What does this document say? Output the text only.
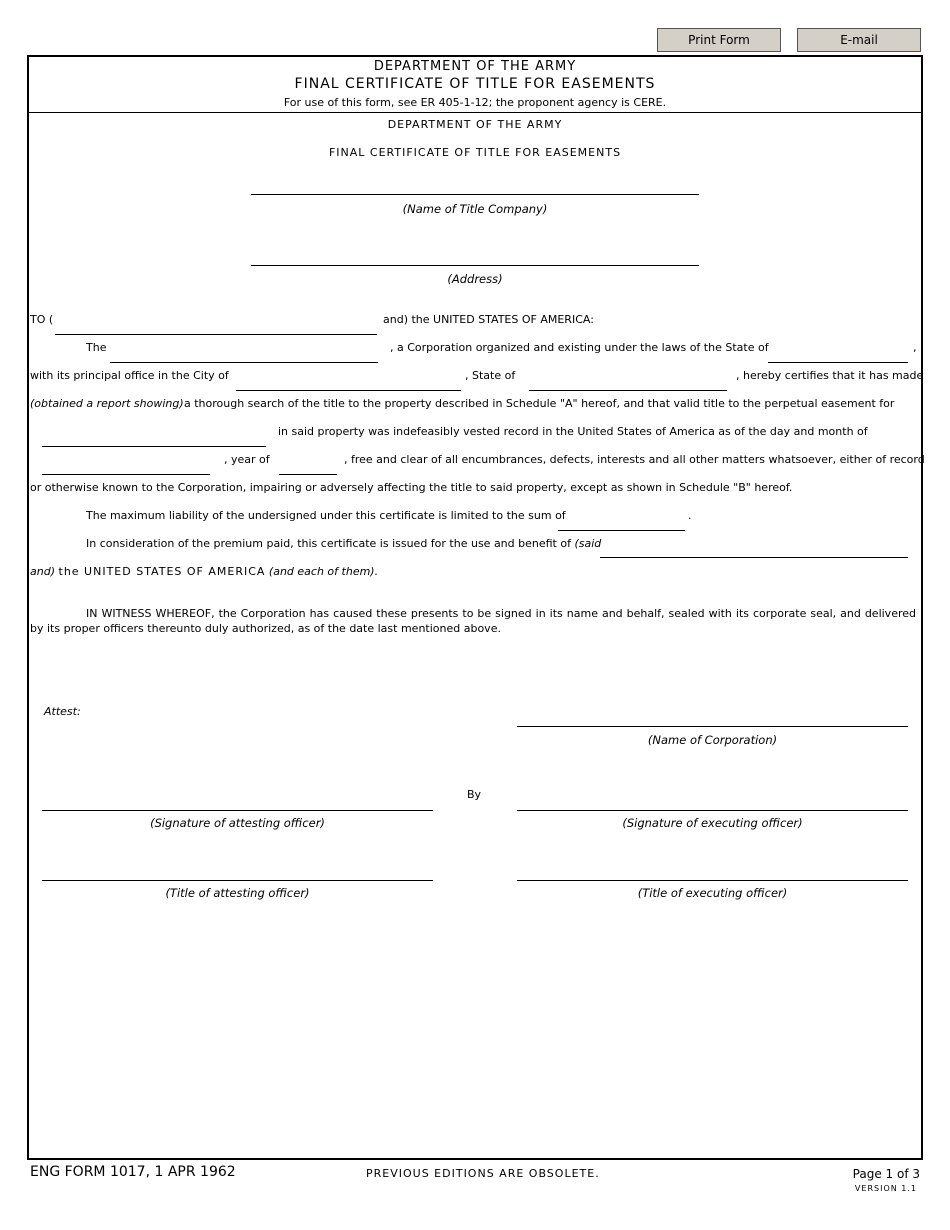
Print Form	E-mail
DEPARTMENT OF THE ARMY
FINAL CERTIFICATE OF TITLE FOR EASEMENTS
For use of this form, see ER 405-1-12; the proponent agency is CERE.
DEPARTMENT OF THE ARMY
FINAL CERTIFICATE OF TITLE FOR EASEMENTS
(Name of Title Company)
(Address)
TO (	and) the UNITED STATES OF AMERICA:
The	, a Corporation organized and existing under the laws of the State of	,
with its principal office in the City of	, State of	, hereby certifies that it has made
(obtained a report showing) a thorough search of the title to the property described in Schedule "A" hereof, and that valid title to the perpetual easement for
in said property was indefeasibly vested record in the United States of America as of the day and month of
, year of	, free and clear of all encumbrances, defects, interests and all other matters whatsoever, either of record
or otherwise known to the Corporation, impairing or adversely affecting the title to said property, except as shown in Schedule "B" hereof.
The maximum liability of the undersigned under this certificate is limited to the sum of	.
In consideration of the premium paid, this certificate is issued for the use and benefit of (said
and) the UNITED STATES OF AMERICA (and each of them).
IN WITNESS WHEREOF, the Corporation has caused these presents to be signed in its name and behalf, sealed with its corporate seal, and delivered by its proper officers thereunto duly authorized, as of the date last mentioned above.
Attest:
(Name of Corporation)
By
(Signature of attesting officer)	(Signature of executing officer)
(Title of attesting officer)	(Title of executing officer)
ENG FORM 1017, 1 APR 1962	PREVIOUS EDITIONS ARE OBSOLETE.	Page 1 of 3
VERSION 1.1
